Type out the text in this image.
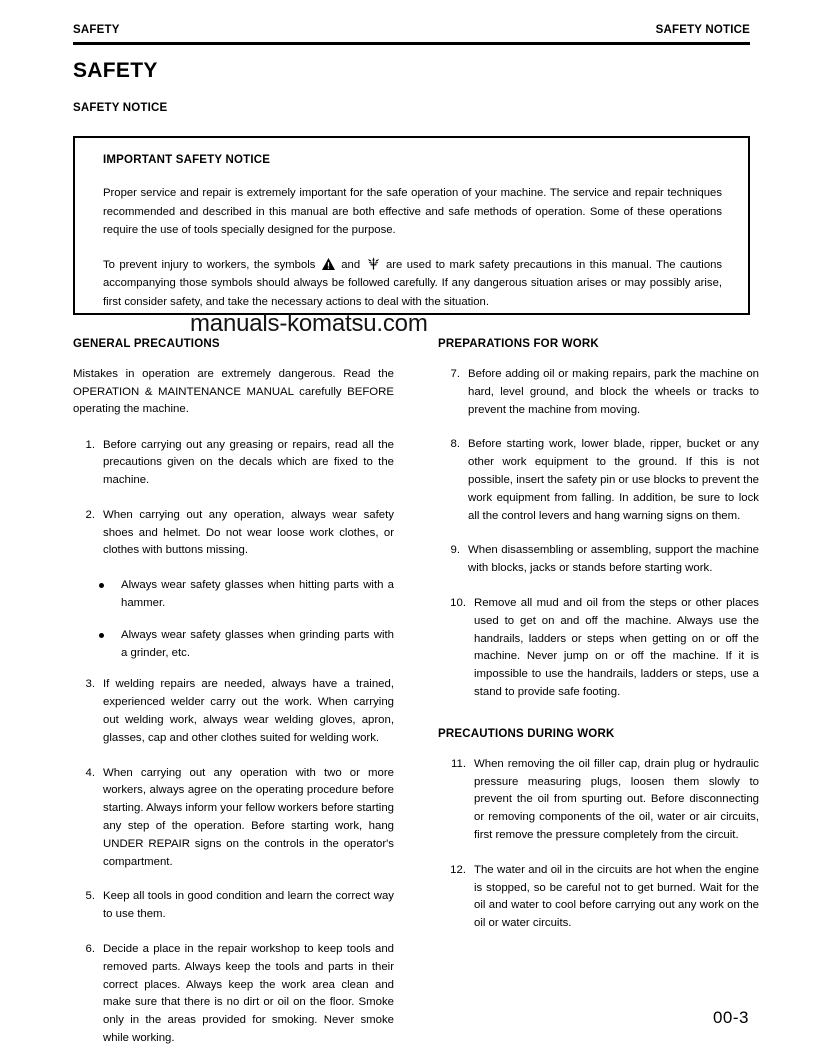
SAFETY	SAFETY NOTICE
SAFETY
SAFETY NOTICE

IMPORTANT SAFETY NOTICE

Proper service and repair is extremely important for the safe operation of your machine. The service and repair techniques recommended and described in this manual are both effective and safe methods of operation. Some of these operations require the use of tools specially designed for the purpose.

To prevent injury to workers, the symbols and are used to mark safety precautions in this manual. The cautions accompanying those symbols should always be followed carefully. If any dangerous situation arises or may possibly arise, first consider safety, and take the necessary actions to deal with the situation.

manuals-komatsu.com

GENERAL PRECAUTIONS

Mistakes in operation are extremely dangerous. Read the OPERATION & MAINTENANCE MANUAL carefully BEFORE operating the machine.

1. Before carrying out any greasing or repairs, read all the precautions given on the decals which are fixed to the machine.
2. When carrying out any operation, always wear safety shoes and helmet. Do not wear loose work clothes, or clothes with buttons missing.
Always wear safety glasses when hitting parts with a hammer.
Always wear safety glasses when grinding parts with a grinder, etc.
3. If welding repairs are needed, always have a trained, experienced welder carry out the work. When carrying out welding work, always wear welding gloves, apron, glasses, cap and other clothes suited for welding work.
4. When carrying out any operation with two or more workers, always agree on the operating procedure before starting. Always inform your fellow workers before starting any step of the operation. Before starting work, hang UNDER REPAIR signs on the controls in the operator's compartment.
5. Keep all tools in good condition and learn the correct way to use them.
6. Decide a place in the repair workshop to keep tools and removed parts. Always keep the tools and parts in their correct places. Always keep the work area clean and make sure that there is no dirt or oil on the floor. Smoke only in the areas provided for smoking. Never smoke while working.

PREPARATIONS FOR WORK

7. Before adding oil or making repairs, park the machine on hard, level ground, and block the wheels or tracks to prevent the machine from moving.
8. Before starting work, lower blade, ripper, bucket or any other work equipment to the ground. If this is not possible, insert the safety pin or use blocks to prevent the work equipment from falling. In addition, be sure to lock all the control levers and hang warning signs on them.
9. When disassembling or assembling, support the machine with blocks, jacks or stands before starting work.
10. Remove all mud and oil from the steps or other places used to get on and off the machine. Always use the handrails, ladders or steps when getting on or off the machine. Never jump on or off the machine. If it is impossible to use the handrails, ladders or steps, use a stand to provide safe footing.

PRECAUTIONS DURING WORK

11. When removing the oil filler cap, drain plug or hydraulic pressure measuring plugs, loosen them slowly to prevent the oil from spurting out. Before disconnecting or removing components of the oil, water or air circuits, first remove the pressure completely from the circuit.
12. The water and oil in the circuits are hot when the engine is stopped, so be careful not to get burned. Wait for the oil and water to cool before carrying out any work on the oil or water circuits.
00-3
